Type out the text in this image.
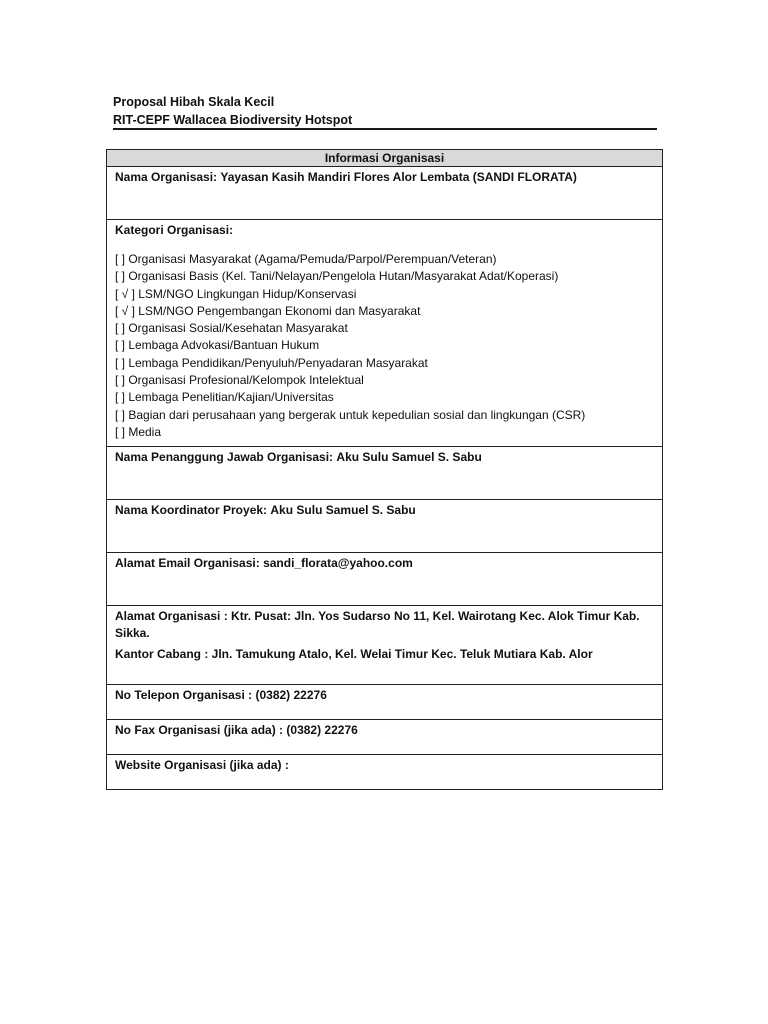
Proposal Hibah Skala Kecil
RIT-CEPF Wallacea Biodiversity Hotspot
Informasi Organisasi

Nama Organisasi: Yayasan Kasih Mandiri Flores Alor Lembata (SANDI FLORATA)

Kategori Organisasi:
[ ] Organisasi Masyarakat (Agama/Pemuda/Parpol/Perempuan/Veteran)
[ ] Organisasi Basis (Kel. Tani/Nelayan/Pengelola Hutan/Masyarakat Adat/Koperasi)
[ √ ] LSM/NGO Lingkungan Hidup/Konservasi
[ √ ] LSM/NGO Pengembangan Ekonomi dan Masyarakat
[ ] Organisasi Sosial/Kesehatan Masyarakat
[ ] Lembaga Advokasi/Bantuan Hukum
[ ] Lembaga Pendidikan/Penyuluh/Penyadaran Masyarakat
[ ] Organisasi Profesional/Kelompok Intelektual
[ ] Lembaga Penelitian/Kajian/Universitas
[ ] Bagian dari perusahaan yang bergerak untuk kepedulian sosial dan lingkungan (CSR)
[ ] Media

Nama Penanggung Jawab Organisasi: Aku Sulu Samuel S. Sabu

Nama Koordinator Proyek: Aku Sulu Samuel S. Sabu

Alamat Email Organisasi: sandi_florata@yahoo.com

Alamat Organisasi : Ktr. Pusat: Jln. Yos Sudarso No 11, Kel. Wairotang Kec. Alok Timur Kab. Sikka.
Kantor Cabang : Jln. Tamukung Atalo, Kel. Welai Timur Kec. Teluk Mutiara Kab. Alor

No Telepon Organisasi : (0382) 22276

No Fax Organisasi (jika ada) : (0382) 22276

Website Organisasi (jika ada) :
